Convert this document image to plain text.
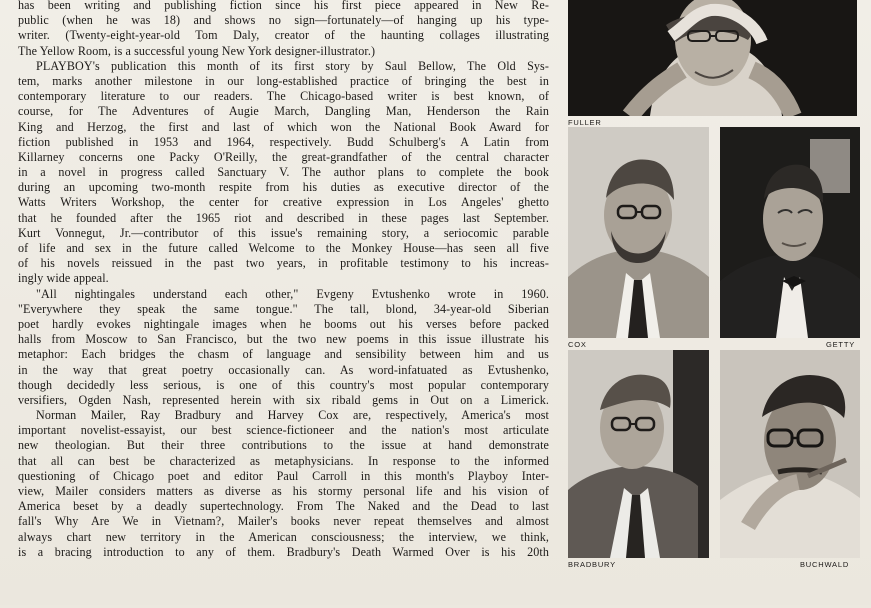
has been writing and publishing fiction since his first piece appeared in New Re-
public (when he was 18) and shows no sign—fortunately—of hanging up his type-
writer. (Twenty-eight-year-old Tom Daly, creator of the haunting collages illustrating
The Yellow Room, is a successful young New York designer-illustrator.)
PLAYBOY's publication this month of its first story by Saul Bellow, The Old Sys-
tem, marks another milestone in our long-established practice of bringing the best in
contemporary literature to our readers. The Chicago-based writer is best known, of
course, for The Adventures of Augie March, Dangling Man, Henderson the Rain
King and Herzog, the first and last of which won the National Book Award for
fiction published in 1953 and 1964, respectively. Budd Schulberg's A Latin from
Killarney concerns one Packy O'Reilly, the great-grandfather of the central character
in a novel in progress called Sanctuary V. The author plans to complete the book
during an upcoming two-month respite from his duties as executive director of the
Watts Writers Workshop, the center for creative expression in Los Angeles' ghetto
that he founded after the 1965 riot and described in these pages last September.
Kurt Vonnegut, Jr.—contributor of this issue's remaining story, a seriocomic parable
of life and sex in the future called Welcome to the Monkey House—has seen all five
of his novels reissued in the past two years, in profitable testimony to his increas-
ingly wide appeal.
"All nightingales understand each other," Evgeny Evtushenko wrote in 1960.
"Everywhere they speak the same tongue." The tall, blond, 34-year-old Siberian
poet hardly evokes nightingale images when he booms out his verses before packed
halls from Moscow to San Francisco, but the two new poems in this issue illustrate his
metaphor: Each bridges the chasm of language and sensibility between him and us
in the way that great poetry occasionally can. As word-infatuated as Evtushenko,
though decidedly less serious, is one of this country's most popular contemporary
versifiers, Ogden Nash, represented herein with six ribald gems in Out on a Limerick.
Norman Mailer, Ray Bradbury and Harvey Cox are, respectively, America's most
important novelist-essayist, our best science-fictioneer and the nation's most articulate
new theologian. But their three contributions to the issue at hand demonstrate
that all can best be characterized as metaphysicians. In response to the informed
questioning of Chicago poet and editor Paul Carroll in this month's Playboy Inter-
view, Mailer considers matters as diverse as his stormy personal life and his vision of
America beset by a deadly supertechnology. From The Naked and the Dead to last
fall's Why Are We in Vietnam?, Mailer's books never repeat themselves and almost
always chart new territory in the American consciousness; the interview, we think,
is a bracing introduction to any of them. Bradbury's Death Warmed Over is his 20th
FULLER
COX	GETTY
BRADBURY	BUCHWALD
